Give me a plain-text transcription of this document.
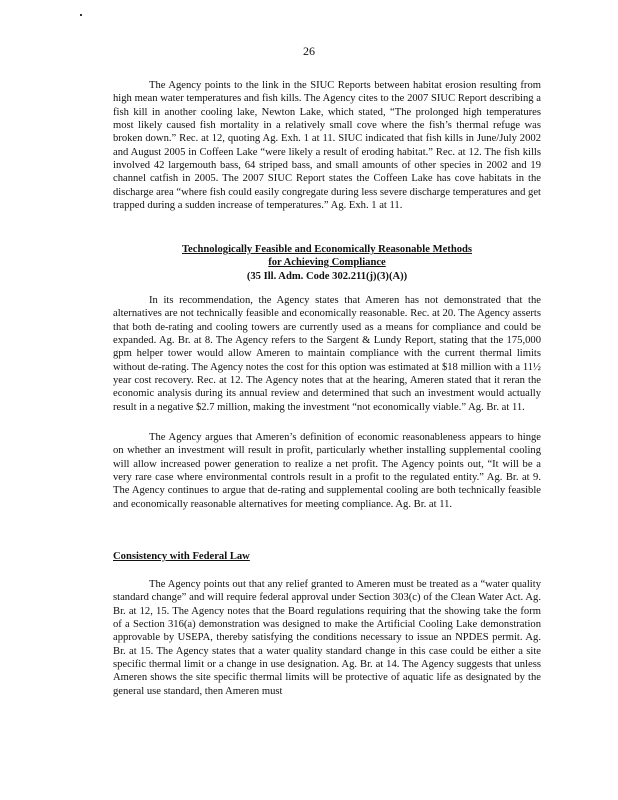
26

The Agency points to the link in the SIUC Reports between habitat erosion resulting from high mean water temperatures and fish kills. The Agency cites to the 2007 SIUC Report describing a fish kill in another cooling lake, Newton Lake, which stated, “The prolonged high temperatures most likely caused fish mortality in a relatively small cove where the fish’s thermal refuge was broken down.” Rec. at 12, quoting Ag. Exh. 1 at 11. SIUC indicated that fish kills in June/July 2002 and August 2005 in Coffeen Lake “were likely a result of eroding habitat.” Rec. at 12. The fish kills involved 42 largemouth bass, 64 striped bass, and small amounts of other species in 2002 and 19 channel catfish in 2005. The 2007 SIUC Report states the Coffeen Lake has cove habitats in the discharge area “where fish could easily congregate during less severe discharge temperatures and get trapped during a sudden increase of temperatures.” Ag. Exh. 1 at 11.

Technologically Feasible and Economically Reasonable Methods
for Achieving Compliance
(35 Ill. Adm. Code 302.211(j)(3)(A))

In its recommendation, the Agency states that Ameren has not demonstrated that the alternatives are not technically feasible and economically reasonable. Rec. at 20. The Agency asserts that both de-rating and cooling towers are currently used as a means for compliance and could be expanded. Ag. Br. at 8. The Agency refers to the Sargent & Lundy Report, stating that the 175,000 gpm helper tower would allow Ameren to maintain compliance with the current thermal limits without de-rating. The Agency notes the cost for this option was estimated at $18 million with a 11½ year cost recovery. Rec. at 12. The Agency notes that at the hearing, Ameren stated that it reran the economic analysis during its annual review and determined that such an investment would actually result in a negative $2.7 million, making the investment “not economically viable.” Ag. Br. at 11.

The Agency argues that Ameren’s definition of economic reasonableness appears to hinge on whether an investment will result in profit, particularly whether installing supplemental cooling will allow increased power generation to realize a net profit. The Agency points out, “It will be a very rare case where environmental controls result in a profit to the regulated entity.” Ag. Br. at 9. The Agency continues to argue that de-rating and supplemental cooling are both technically feasible and economically reasonable alternatives for meeting compliance. Ag. Br. at 11.

Consistency with Federal Law

The Agency points out that any relief granted to Ameren must be treated as a “water quality standard change” and will require federal approval under Section 303(c) of the Clean Water Act. Ag. Br. at 12, 15. The Agency notes that the Board regulations requiring that the showing take the form of a Section 316(a) demonstration was designed to make the Artificial Cooling Lake demonstration approvable by USEPA, thereby satisfying the conditions necessary to issue an NPDES permit. Ag. Br. at 15. The Agency states that a water quality standard change in this case could be either a site specific thermal limit or a change in use designation. Ag. Br. at 14. The Agency suggests that unless Ameren shows the site specific thermal limits will be protective of aquatic life as designated by the general use standard, then Ameren must
